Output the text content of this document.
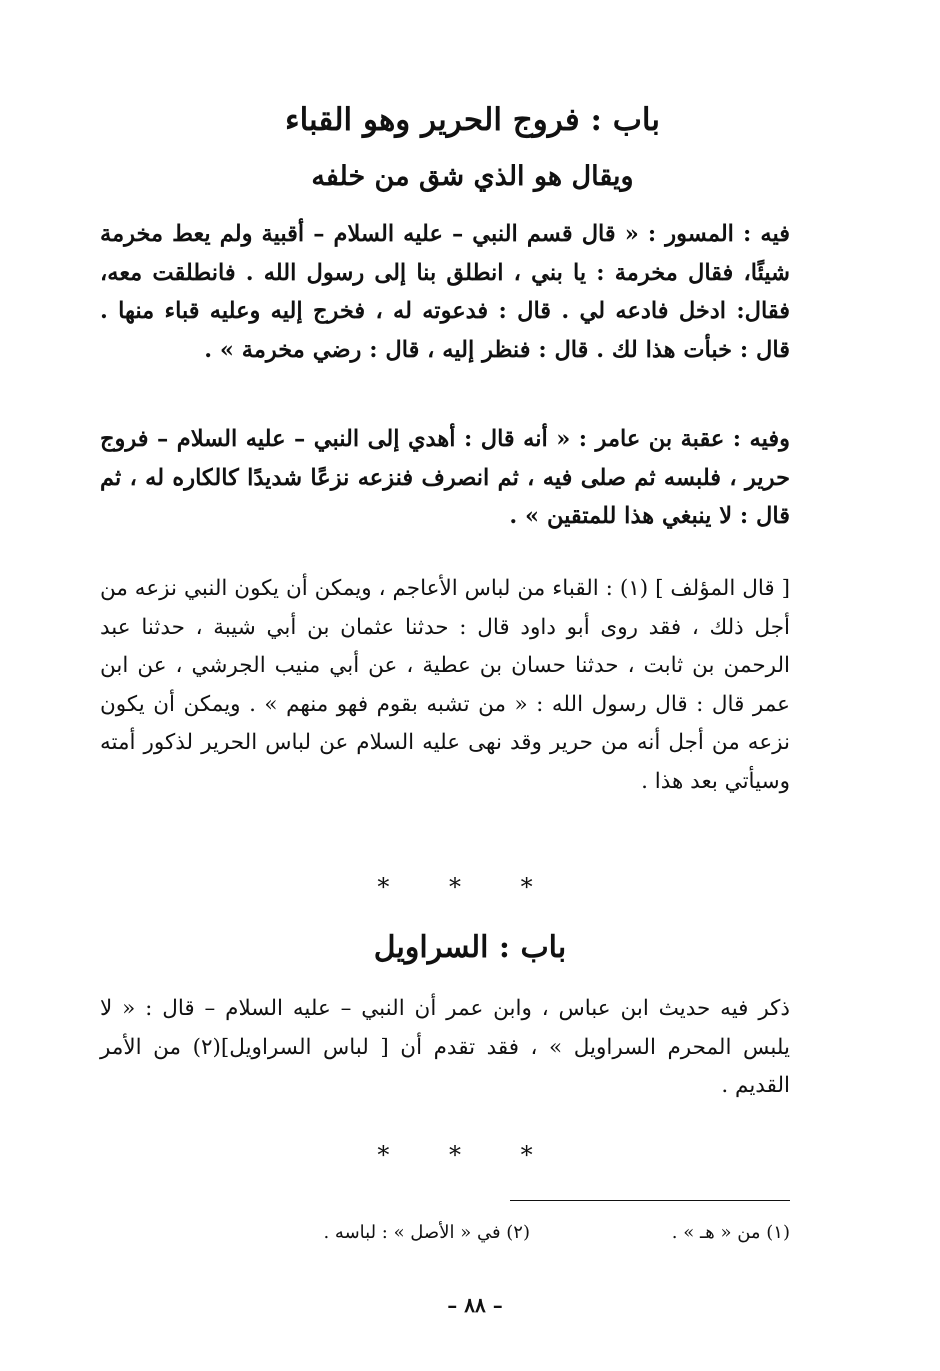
باب : فروج الحرير وهو القباء
ويقال هو الذي شق من خلفه
فيه : المسور : « قال قسم النبي – عليه السلام – أقبية ولم يعط مخرمة شيئًا، فقال مخرمة : يا بني ، انطلق بنا إلى رسول الله . فانطلقت معه، فقال: ادخل فادعه لي . قال : فدعوته له ، فخرج إليه وعليه قباء منها . قال : خبأت هذا لك . قال : فنظر إليه ، قال : رضي مخرمة » .
وفيه : عقبة بن عامر : « أنه قال : أهدي إلى النبي – عليه السلام – فروج حرير ، فلبسه ثم صلى فيه ، ثم انصرف فنزعه نزعًا شديدًا كالكاره له ، ثم قال : لا ينبغي هذا للمتقين » .
[ قال المؤلف ] (١) : القباء من لباس الأعاجم ، ويمكن أن يكون النبي نزعه من أجل ذلك ، فقد روى أبو داود قال : حدثنا عثمان بن أبي شيبة ، حدثنا عبد الرحمن بن ثابت ، حدثنا حسان بن عطية ، عن أبي منيب الجرشي ، عن ابن عمر قال : قال رسول الله : « من تشبه بقوم فهو منهم » . ويمكن أن يكون نزعه من أجل أنه من حرير وقد نهى عليه السلام عن لباس الحرير لذكور أمته وسيأتي بعد هذا .
* * *
باب : السراويل
ذكر فيه حديث ابن عباس ، وابن عمر أن النبي – عليه السلام – قال : « لا يلبس المحرم السراويل » ، فقد تقدم أن [ لباس السراويل](٢) من الأمر القديم .
* * *
(١) من « هـ » .
(٢) في « الأصل » : لباسه .
– ٨٨ –
